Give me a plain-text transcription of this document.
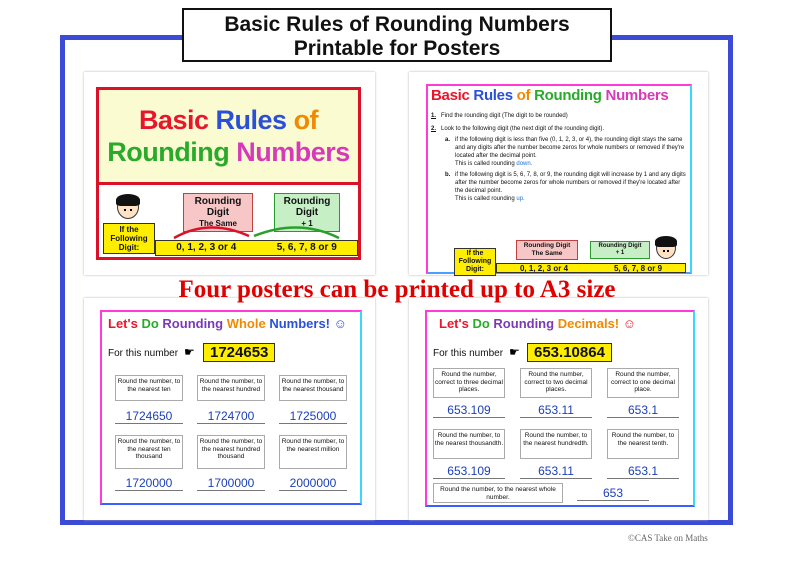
Basic Rules of Rounding Numbers
Printable for Posters
Basic Rules of
Rounding Numbers
Rounding Digit
The Same
Rounding Digit
+ 1
If the Following Digit:	0, 1, 2, 3 or 4	5, 6, 7, 8 or 9
Basic Rules of Rounding Numbers
1. Find the rounding digit (The digit to be rounded)
2. Look to the following digit (the next digit of the rounding digit).
a. if the following digit is less than five (0, 1, 2, 3, or 4), the rounding digit stays the same and any digits after the number become zeros for whole numbers or removed if they're located after the decimal point.
This is called rounding down.
b. if the following digit is 5, 6, 7, 8, or 9, the rounding digit will increase by 1 and any digits after the number become zeros for whole numbers or removed if they're located after the decimal point.
This is called rounding up.
Rounding Digit
The Same
Rounding Digit
+ 1
If the Following Digit:	0, 1, 2, 3 or 4	5, 6, 7, 8 or 9
Four posters can be printed up to A3 size
Let's Do Rounding Whole Numbers! ☺
For this number ☛	1724653
Round the number, to the nearest ten
Round the number, to the nearest hundred
Round the number, to the nearest thousand
1724650	1724700	1725000
Round the number, to the nearest ten thousand
Round the number, to the nearest hundred thousand
Round the number, to the nearest million
1720000	1700000	2000000
Let's Do Rounding Decimals! ☺
For this number ☛ 653.10864
Round the number, correct to three decimal places.
Round the number, correct to two decimal places.
Round the number, correct to one decimal place.
653.109	653.11	653.1
Round the number, to the nearest thousandth.
Round the number, to the nearest hundredth.
Round the number, to the nearest tenth.
653.109	653.11	653.1
Round the number, to the nearest whole number.	653
©CAS Take on Maths
